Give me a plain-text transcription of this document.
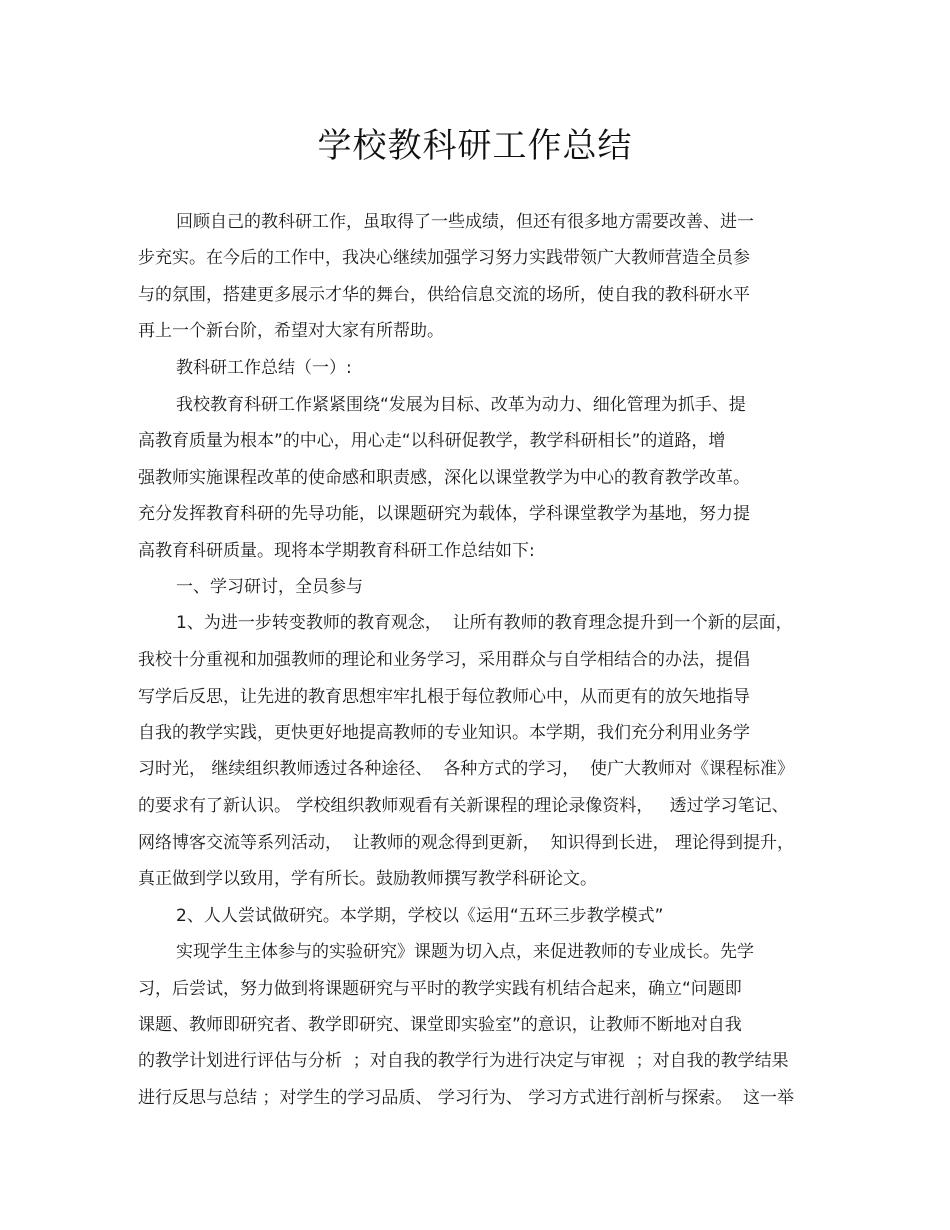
学校教科研工作总结
回顾自己的教科研工作，虽取得了一些成绩，但还有很多地方需要改善、进一
步充实。在今后的工作中，我决心继续加强学习努力实践带领广大教师营造全员参
与的氛围，搭建更多展示才华的舞台，供给信息交流的场所，使自我的教科研水平
再上一个新台阶，希望对大家有所帮助。
教科研工作总结（一）:
我校教育科研工作紧紧围绕“发展为目标、改革为动力、细化管理为抓手、提
高教育质量为根本”的中心，用心走“以科研促教学，教学科研相长”的道路，增
强教师实施课程改革的使命感和职责感，深化以课堂教学为中心的教育教学改革。
充分发挥教育科研的先导功能，以课题研究为载体，学科课堂教学为基地，努力提
高教育科研质量。现将本学期教育科研工作总结如下:
一、学习研讨，全员参与
1、为进一步转变教师的教育观念，  让所有教师的教育理念提升到一个新的层面，
我校十分重视和加强教师的理论和业务学习，采用群众与自学相结合的办法，提倡
写学后反思，让先进的教育思想牢牢扎根于每位教师心中，从而更有的放矢地指导
自我的教学实践，更快更好地提高教师的专业知识。本学期，我们充分利用业务学
习时光， 继续组织教师透过各种途径、  各种方式的学习，  使广大教师对《课程标准》
的要求有了新认识。 学校组织教师观看有关新课程的理论录像资料，   透过学习笔记、
网络博客交流等系列活动，  让教师的观念得到更新，  知识得到长进， 理论得到提升，
真正做到学以致用，学有所长。鼓励教师撰写教学科研论文。
2、人人尝试做研究。本学期，学校以《运用“五环三步教学模式”
实现学生主体参与的实验研究》课题为切入点，来促进教师的专业成长。先学
习，后尝试，努力做到将课题研究与平时的教学实践有机结合起来，确立“问题即
课题、教师即研究者、教学即研究、课堂即实验室”的意识，让教师不断地对自我
的教学计划进行评估与分析  ；对自我的教学行为进行决定与审视  ；对自我的教学结果
进行反思与总结 ；对学生的学习品质、 学习行为、 学习方式进行剖析与探索。  这一举
